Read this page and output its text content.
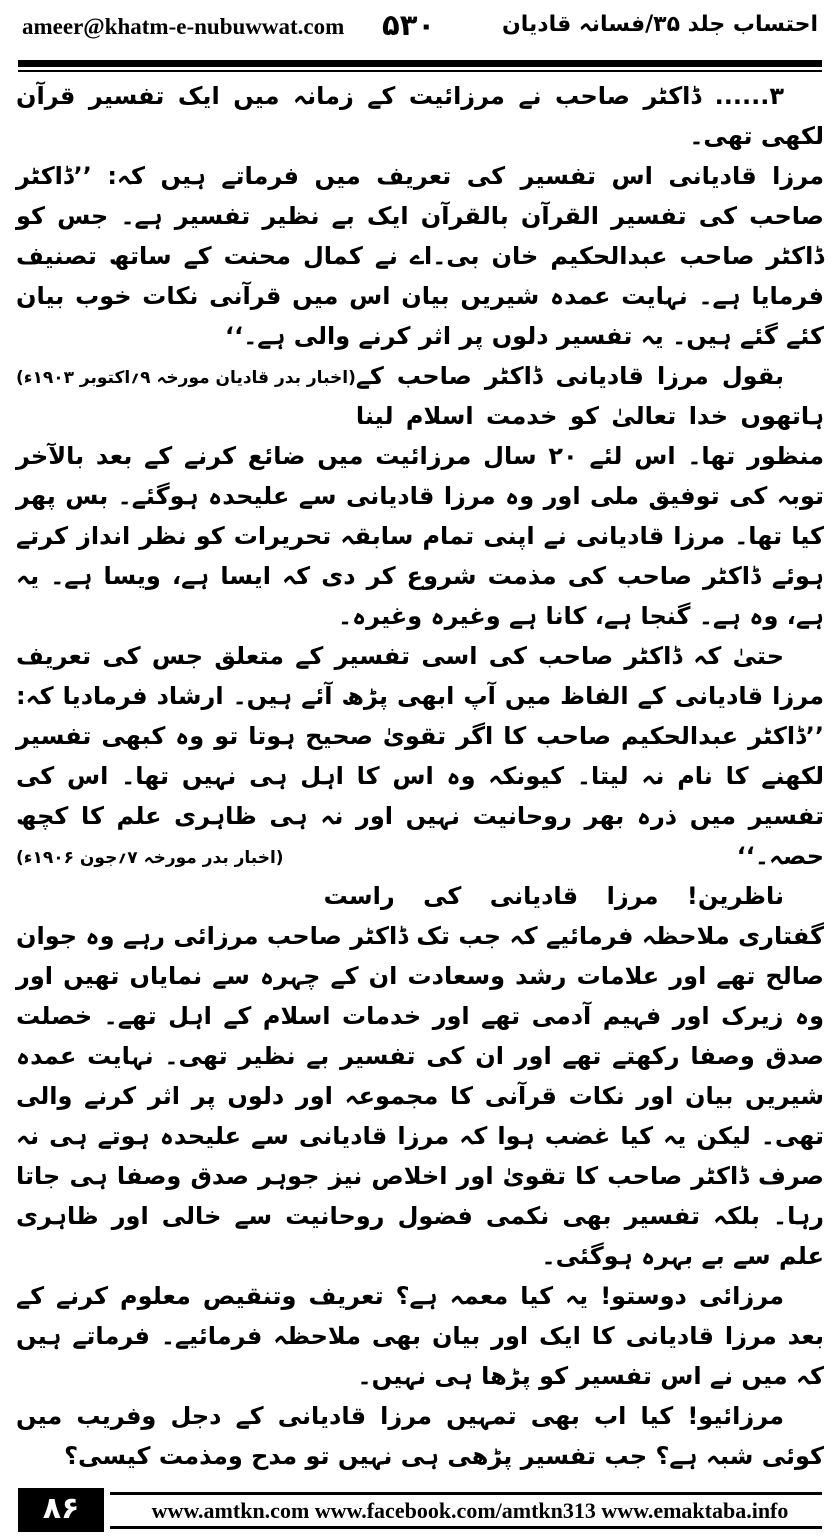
ameer@khatm-e-nubuwwat.com ۵۳۰	احتساب جلد ۳۵/فسانہ قادیان

۳...... ڈاکٹر صاحب نے مرزائیت کے زمانہ میں ایک تفسیر قرآن لکھی تھی۔

مرزا قادیانی اس تفسیر کی تعریف میں فرماتے ہیں کہ: ’’ڈاکٹر صاحب کی تفسیر القرآن بالقرآن ایک بے نظیر تفسیر ہے۔ جس کو ڈاکٹر صاحب عبدالحکیم خان بی۔اے نے کمال محنت کے ساتھ تصنیف فرمایا ہے۔ نہایت عمدہ شیریں بیان اس میں قرآنی نکات خوب بیان کئے گئے ہیں۔ یہ تفسیر دلوں پر اثر کرنے والی ہے۔‘‘
(اخبار بدر قادیان مورخہ ۹؍اکتوبر ۱۹۰۳ء) بقول مرزا قادیانی ڈاکٹر صاحب کے ہاتھوں خدا تعالیٰ کو خدمت اسلام لینا منظور تھا۔ اس لئے ۲۰ سال مرزائیت میں ضائع کرنے کے بعد بالآخر توبہ کی توفیق ملی اور وہ مرزا قادیانی سے علیحدہ ہوگئے۔ بس پھر کیا تھا۔ مرزا قادیانی نے اپنی تمام سابقہ تحریرات کو نظر انداز کرتے ہوئے ڈاکٹر صاحب کی مذمت شروع کر دی کہ ایسا ہے، ویسا ہے۔ یہ ہے، وہ ہے۔ گنجا ہے، کانا ہے وغیرہ وغیرہ۔

حتیٰ کہ ڈاکٹر صاحب کی اسی تفسیر کے متعلق جس کی تعریف مرزا قادیانی کے الفاظ میں آپ ابھی پڑھ آئے ہیں۔ ارشاد فرمادیا کہ: ’’ڈاکٹر عبدالحکیم صاحب کا اگر تقویٰ صحیح ہوتا تو وہ کبھی تفسیر لکھنے کا نام نہ لیتا۔ کیونکہ وہ اس کا اہل ہی نہیں تھا۔ اس کی تفسیر میں ذرہ بھر روحانیت نہیں اور نہ ہی ظاہری علم کا کچھ حصہ۔‘‘
(اخبار بدر مورخہ ۷؍جون ۱۹۰۶ء)

ناظرین! مرزا قادیانی کی راست گفتاری ملاحظہ فرمائیے کہ جب تک ڈاکٹر صاحب مرزائی رہے وہ جوان صالح تھے اور علامات رشد وسعادت ان کے چہرہ سے نمایاں تھیں اور وہ زیرک اور فہیم آدمی تھے اور خدمات اسلام کے اہل تھے۔ خصلت صدق وصفا رکھتے تھے اور ان کی تفسیر بے نظیر تھی۔ نہایت عمدہ شیریں بیان اور نکات قرآنی کا مجموعہ اور دلوں پر اثر کرنے والی تھی۔ لیکن یہ کیا غضب ہوا کہ مرزا قادیانی سے علیحدہ ہوتے ہی نہ صرف ڈاکٹر صاحب کا تقویٰ اور اخلاص نیز جوہر صدق وصفا ہی جاتا رہا۔ بلکہ تفسیر بھی نکمی فضول روحانیت سے خالی اور ظاہری علم سے بے بہرہ ہوگئی۔

مرزائی دوستو! یہ کیا معمہ ہے؟ تعریف وتنقیص معلوم کرنے کے بعد مرزا قادیانی کا ایک اور بیان بھی ملاحظہ فرمائیے۔ فرماتے ہیں کہ میں نے اس تفسیر کو پڑھا ہی نہیں۔

مرزائیو! کیا اب بھی تمہیں مرزا قادیانی کے دجل وفریب میں کوئی شبہ ہے؟ جب تفسیر پڑھی ہی نہیں تو مدح ومذمت کیسی؟

۸۶	www.amtkn.com www.facebook.com/amtkn313 www.emaktaba.info
